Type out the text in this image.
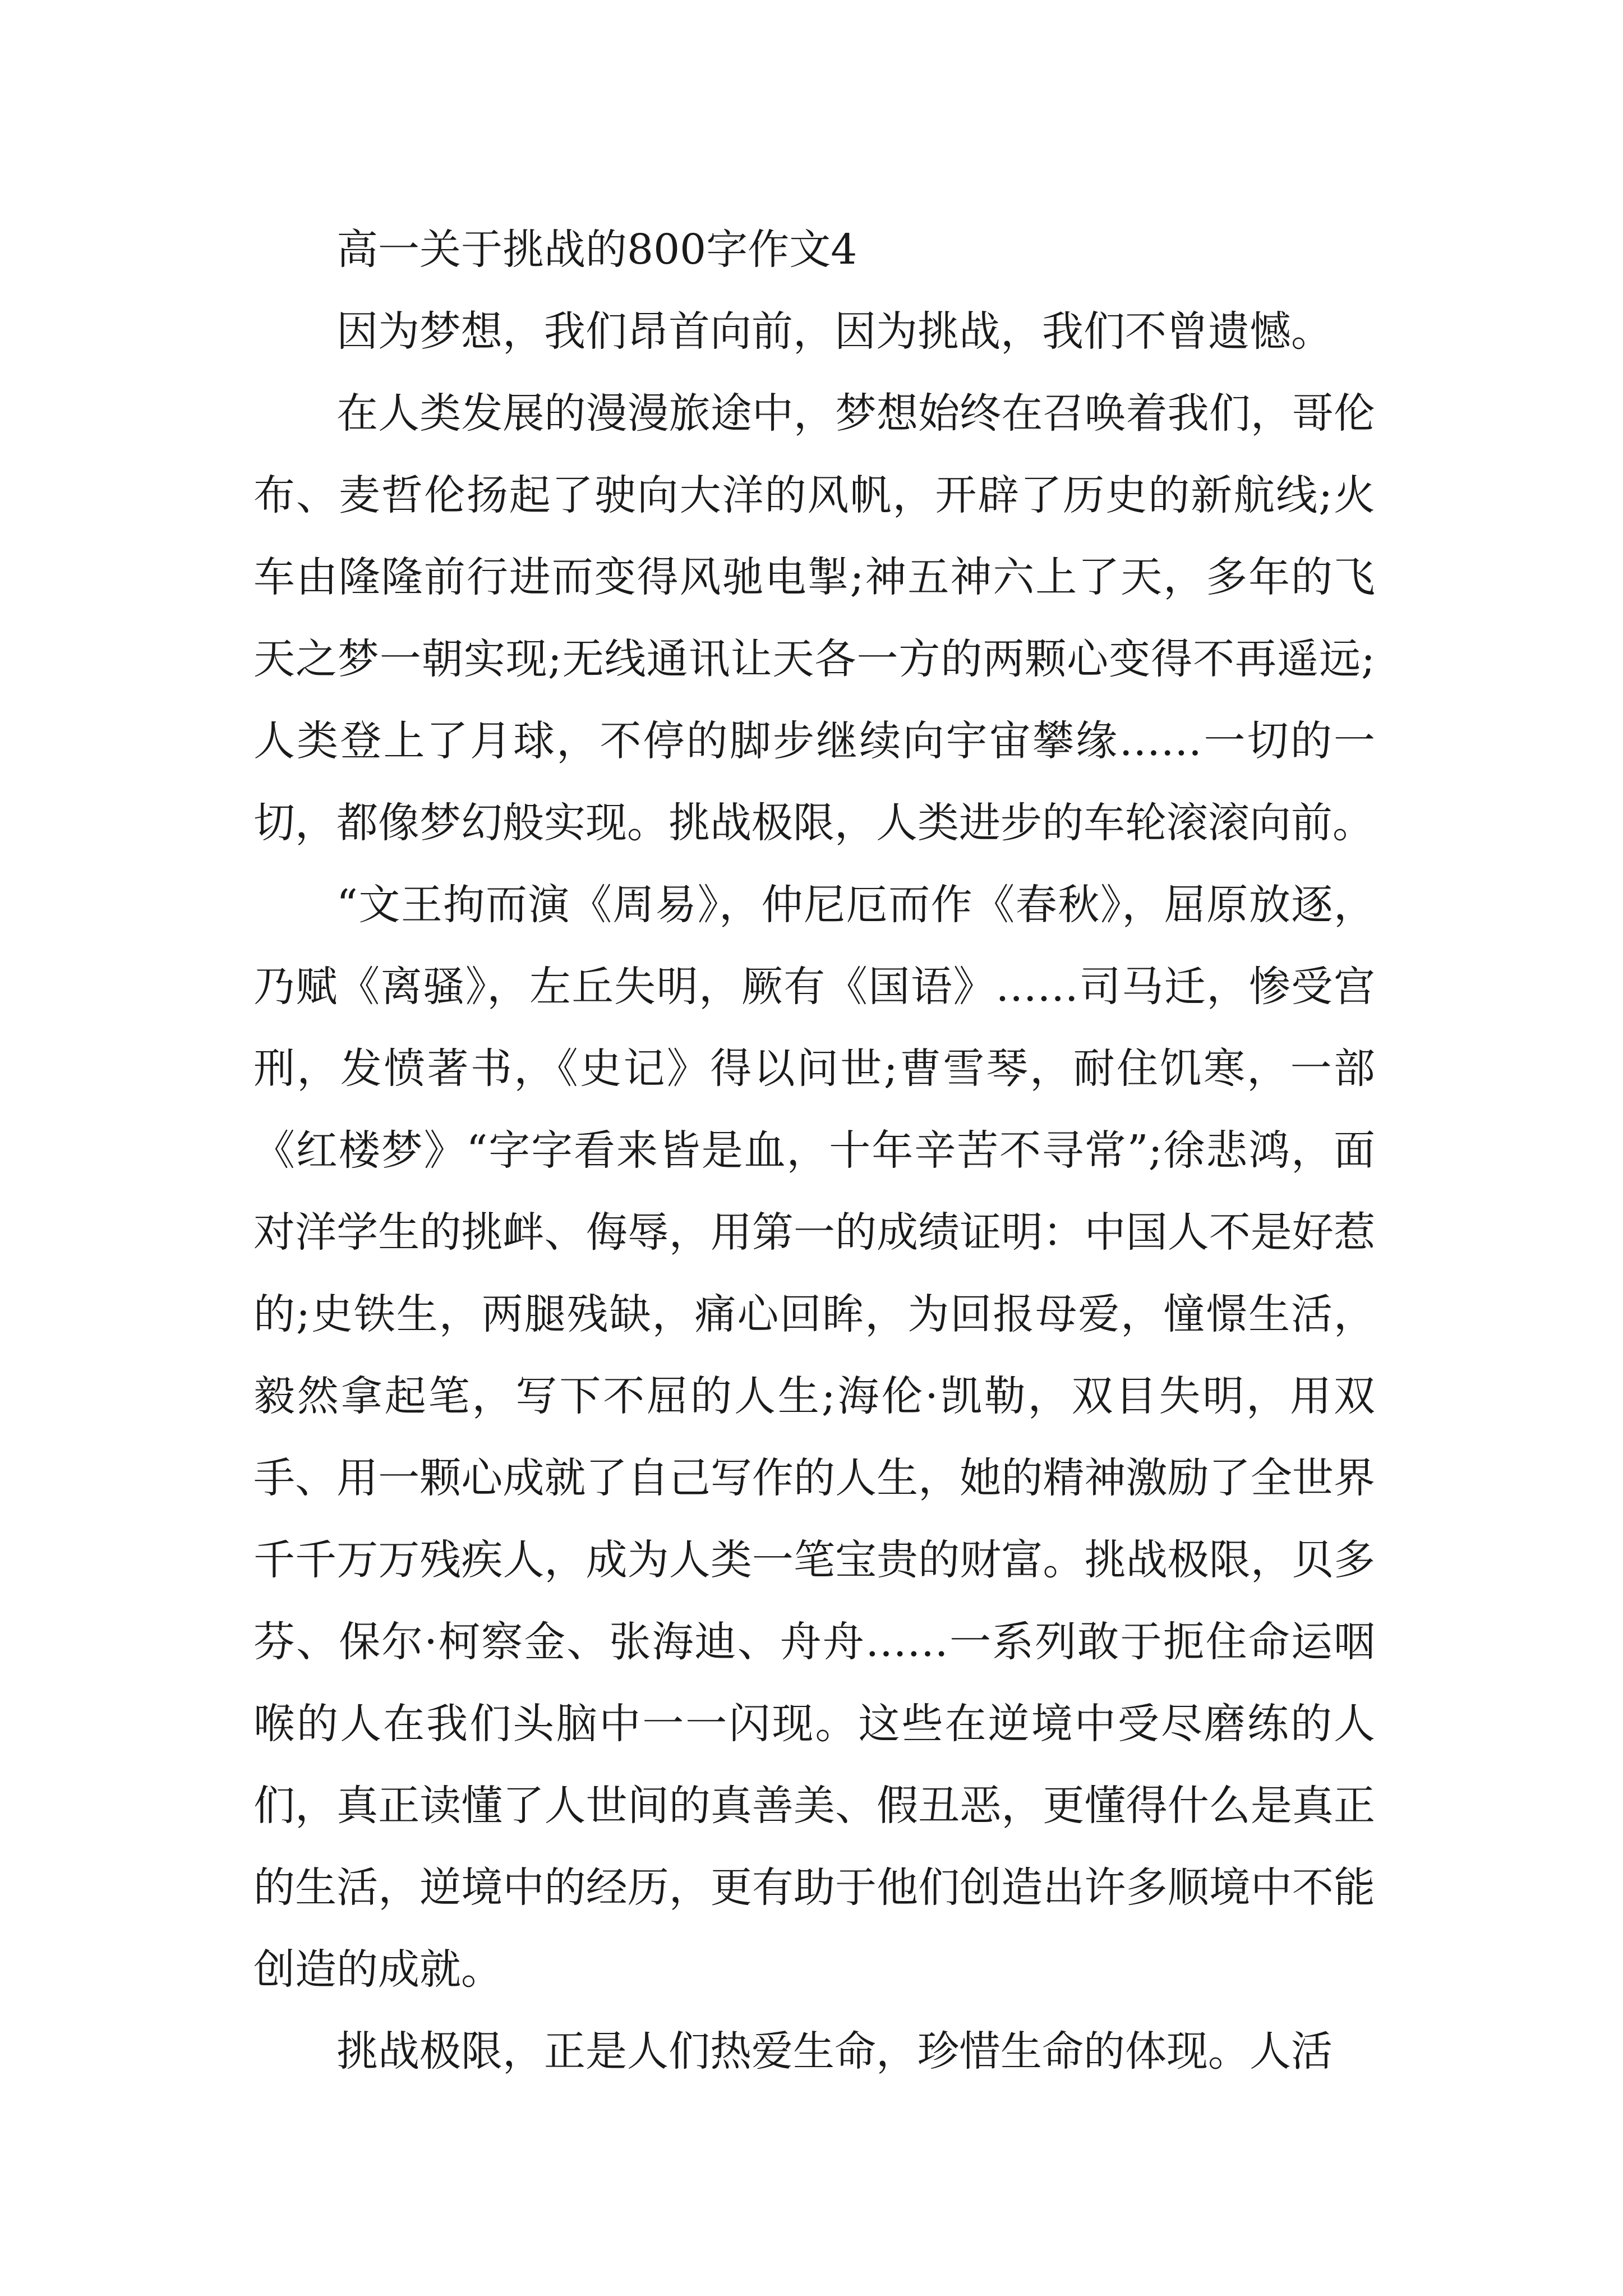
高一关于挑战的800字作文4

因为梦想，我们昂首向前，因为挑战，我们不曾遗憾。

在人类发展的漫漫旅途中，梦想始终在召唤着我们，哥伦布、麦哲伦扬起了驶向大洋的风帆，开辟了历史的新航线;火车由隆隆前行进而变得风驰电掣;神五神六上了天，多年的飞天之梦一朝实现;无线通讯让天各一方的两颗心变得不再遥远;人类登上了月球，不停的脚步继续向宇宙攀缘……一切的一切，都像梦幻般实现。挑战极限，人类进步的车轮滚滚向前。

“文王拘而演《周易》，仲尼厄而作《春秋》，屈原放逐，乃赋《离骚》，左丘失明，厥有《国语》……司马迁，惨受宫刑，发愤著书，《史记》得以问世;曹雪琴，耐住饥寒，一部《红楼梦》“字字看来皆是血，十年辛苦不寻常”;徐悲鸿，面对洋学生的挑衅、侮辱，用第一的成绩证明：中国人不是好惹的;史铁生，两腿残缺，痛心回眸，为回报母爱，憧憬生活，毅然拿起笔，写下不屈的人生;海伦·凯勒，双目失明，用双手、用一颗心成就了自己写作的人生，她的精神激励了全世界千千万万残疾人，成为人类一笔宝贵的财富。挑战极限，贝多芬、保尔·柯察金、张海迪、舟舟……一系列敢于扼住命运咽喉的人在我们头脑中一一闪现。这些在逆境中受尽磨练的人们，真正读懂了人世间的真善美、假丑恶，更懂得什么是真正的生活，逆境中的经历，更有助于他们创造出许多顺境中不能创造的成就。

挑战极限，正是人们热爱生命，珍惜生命的体现。人活
